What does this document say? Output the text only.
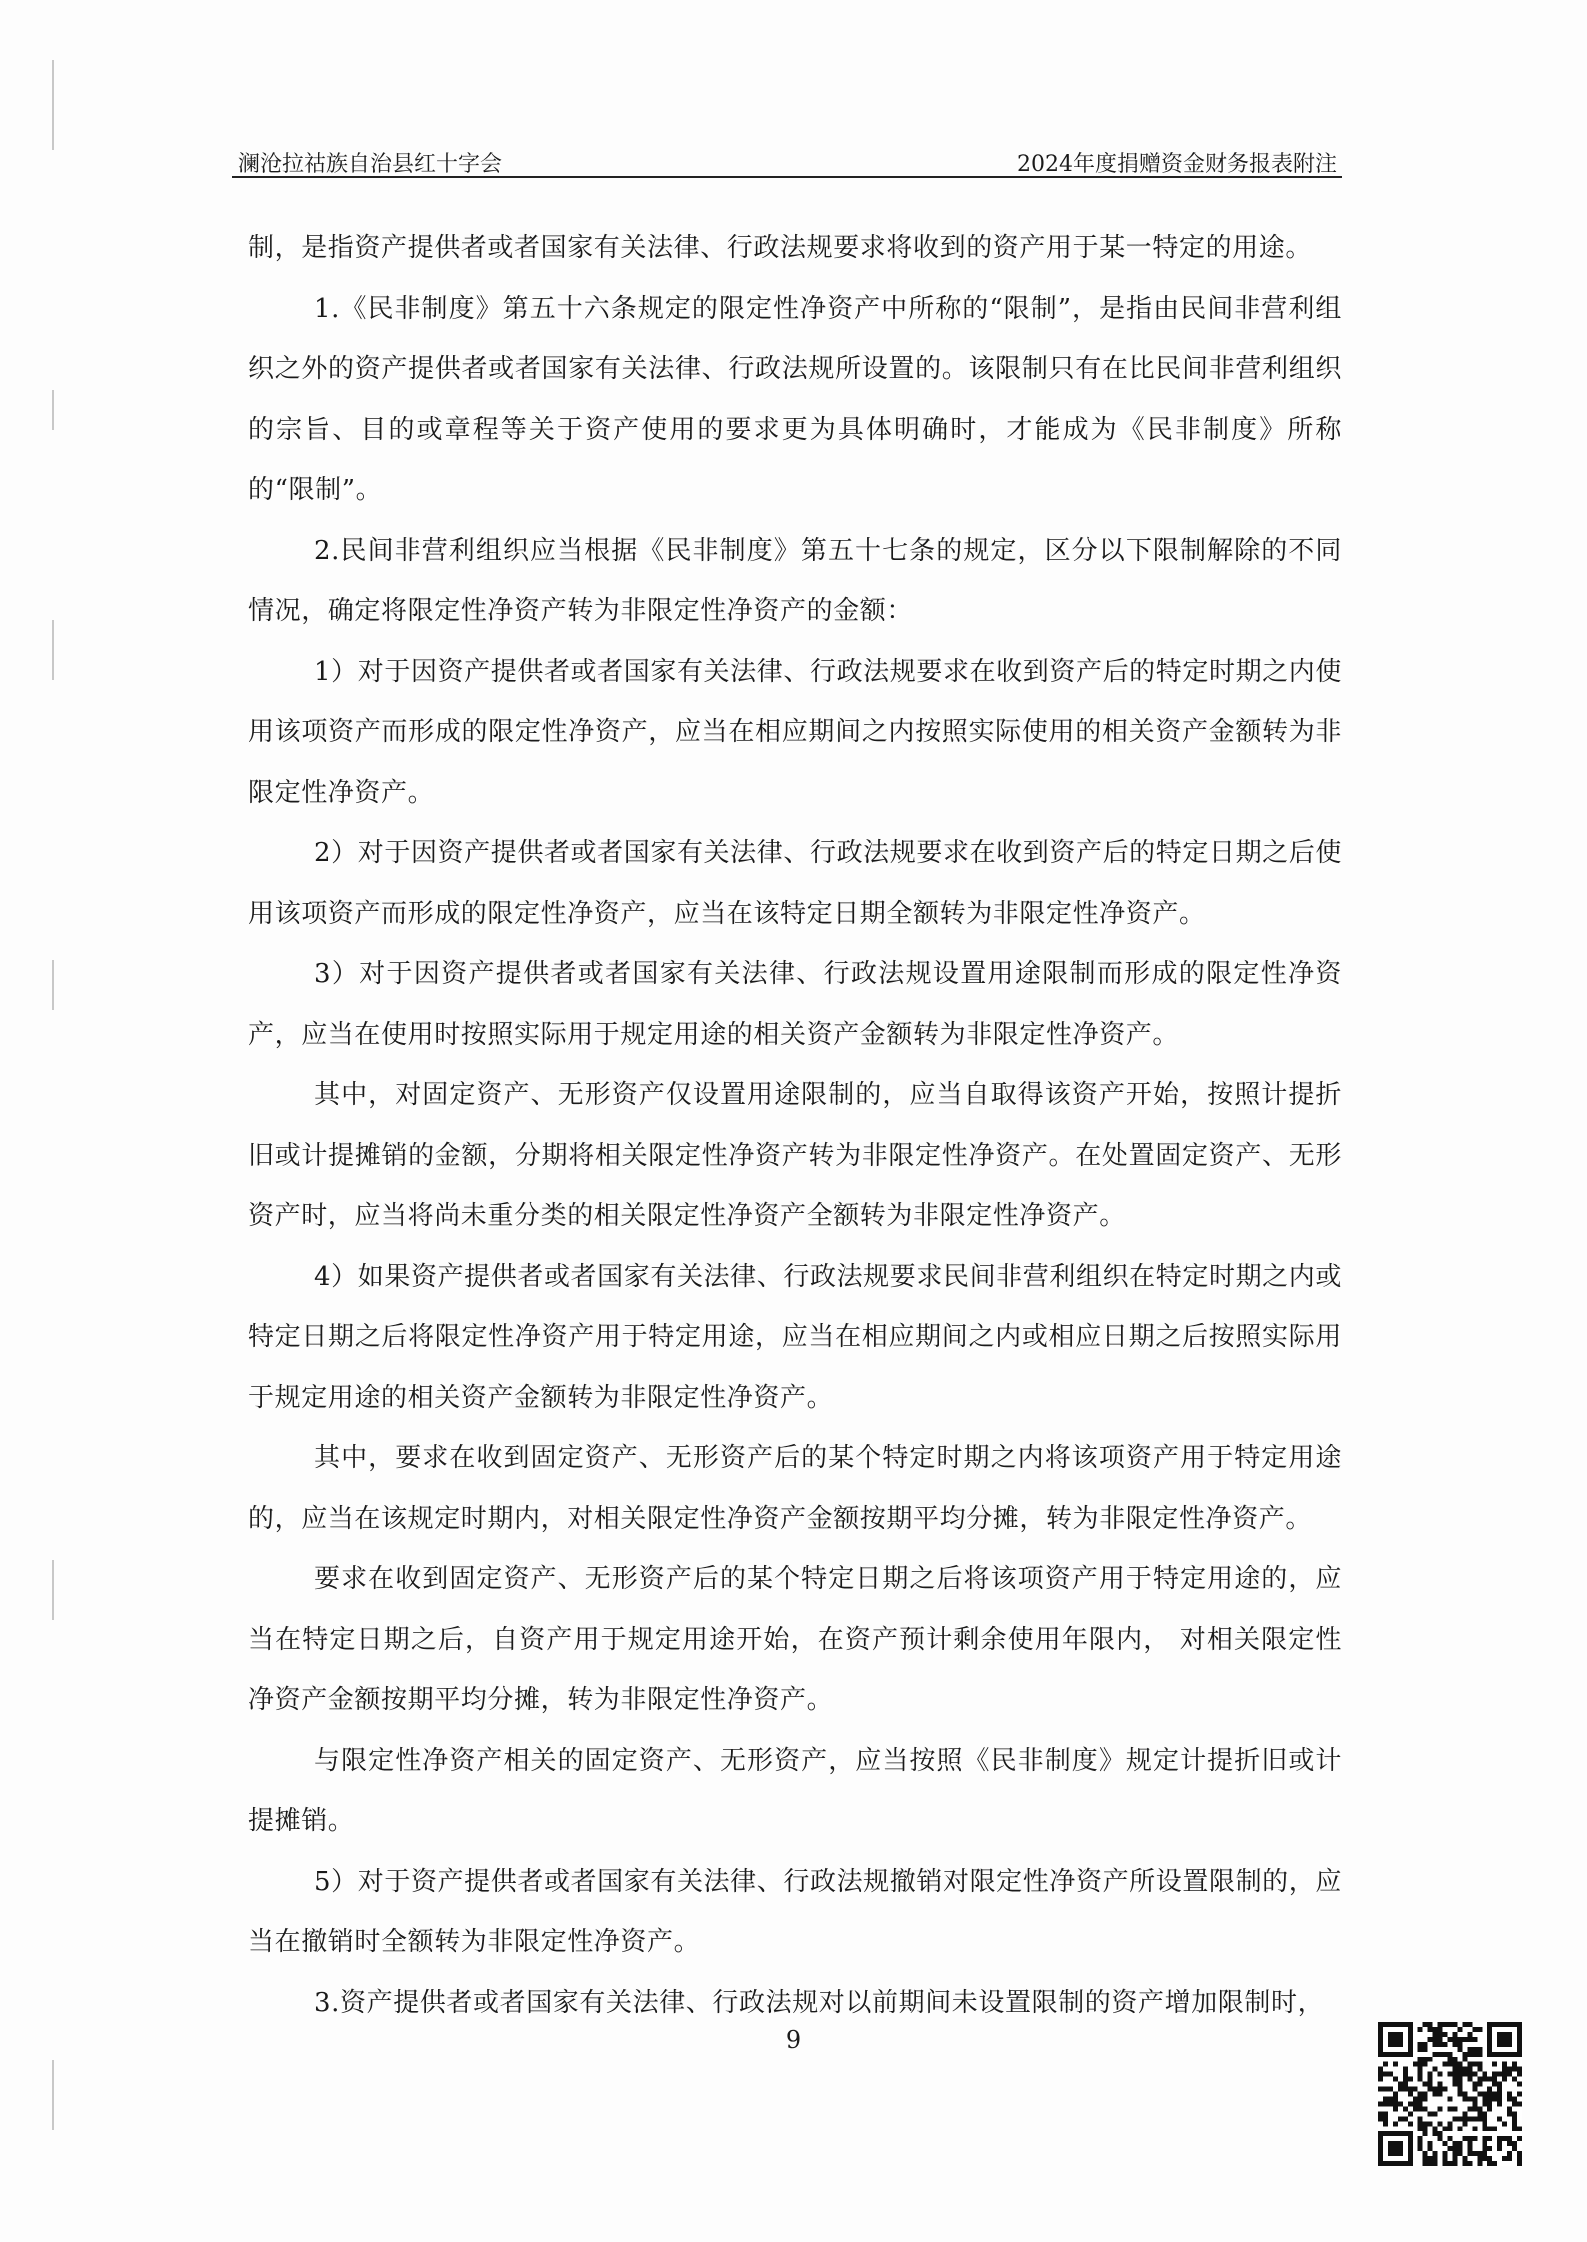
澜沧拉祜族自治县红十字会	2024年度捐赠资金财务报表附注

制，是指资产提供者或者国家有关法律、行政法规要求将收到的资产用于某一特定的用途。

1.《民非制度》第五十六条规定的限定性净资产中所称的“限制”，是指由民间非营利组织之外的资产提供者或者国家有关法律、行政法规所设置的。该限制只有在比民间非营利组织的宗旨、目的或章程等关于资产使用的要求更为具体明确时，才能成为《民非制度》所称的“限制”。

2.民间非营利组织应当根据《民非制度》第五十七条的规定，区分以下限制解除的不同情况，确定将限定性净资产转为非限定性净资产的金额：

1）对于因资产提供者或者国家有关法律、行政法规要求在收到资产后的特定时期之内使用该项资产而形成的限定性净资产，应当在相应期间之内按照实际使用的相关资产金额转为非限定性净资产。

2）对于因资产提供者或者国家有关法律、行政法规要求在收到资产后的特定日期之后使用该项资产而形成的限定性净资产，应当在该特定日期全额转为非限定性净资产。

3）对于因资产提供者或者国家有关法律、行政法规设置用途限制而形成的限定性净资产，应当在使用时按照实际用于规定用途的相关资产金额转为非限定性净资产。

其中，对固定资产、无形资产仅设置用途限制的，应当自取得该资产开始，按照计提折旧或计提摊销的金额，分期将相关限定性净资产转为非限定性净资产。在处置固定资产、无形资产时，应当将尚未重分类的相关限定性净资产全额转为非限定性净资产。

4）如果资产提供者或者国家有关法律、行政法规要求民间非营利组织在特定时期之内或特定日期之后将限定性净资产用于特定用途，应当在相应期间之内或相应日期之后按照实际用于规定用途的相关资产金额转为非限定性净资产。

其中，要求在收到固定资产、无形资产后的某个特定时期之内将该项资产用于特定用途的，应当在该规定时期内，对相关限定性净资产金额按期平均分摊，转为非限定性净资产。

要求在收到固定资产、无形资产后的某个特定日期之后将该项资产用于特定用途的，应当在特定日期之后，自资产用于规定用途开始，在资产预计剩余使用年限内， 对相关限定性净资产金额按期平均分摊，转为非限定性净资产。

与限定性净资产相关的固定资产、无形资产，应当按照《民非制度》规定计提折旧或计提摊销。

5）对于资产提供者或者国家有关法律、行政法规撤销对限定性净资产所设置限制的，应当在撤销时全额转为非限定性净资产。

3.资产提供者或者国家有关法律、行政法规对以前期间未设置限制的资产增加限制时，

9
